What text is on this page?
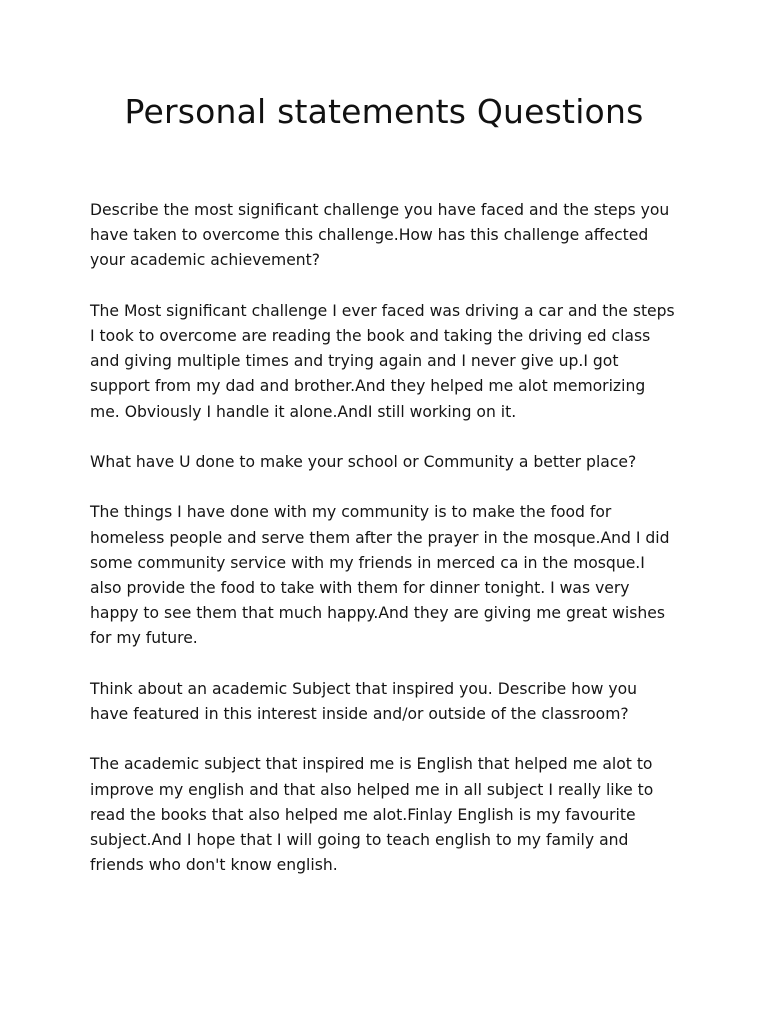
Personal statements Questions

Describe the most significant challenge you have faced and the steps you have taken to overcome this challenge.How has this challenge affected your academic achievement?

The Most significant challenge I ever faced was driving a car and the steps I took to overcome are reading the book and taking the driving ed class and giving multiple times and trying again and I never give up.I got support from my dad and brother.And they helped me alot memorizing me. Obviously I handle it alone.AndI still working on it.

What have U done to make your school or Community a better place?

The things I have done with my community is to make the food for homeless people and serve them after the prayer in the mosque.And I did some community service with my friends in merced ca in the mosque.I also provide the food to take with them for dinner tonight. I was very happy to see them that much happy.And they are giving me great wishes for my future.

Think about an academic Subject that inspired you. Describe how you have featured in this interest inside and/or outside of the classroom?

The academic subject that inspired me is English that helped me alot to improve my english and that also helped me in all subject I really like to read the books that also helped me alot.Finlay English is my favourite subject.And I hope that I will going to teach english to my family and friends who don't know english.
